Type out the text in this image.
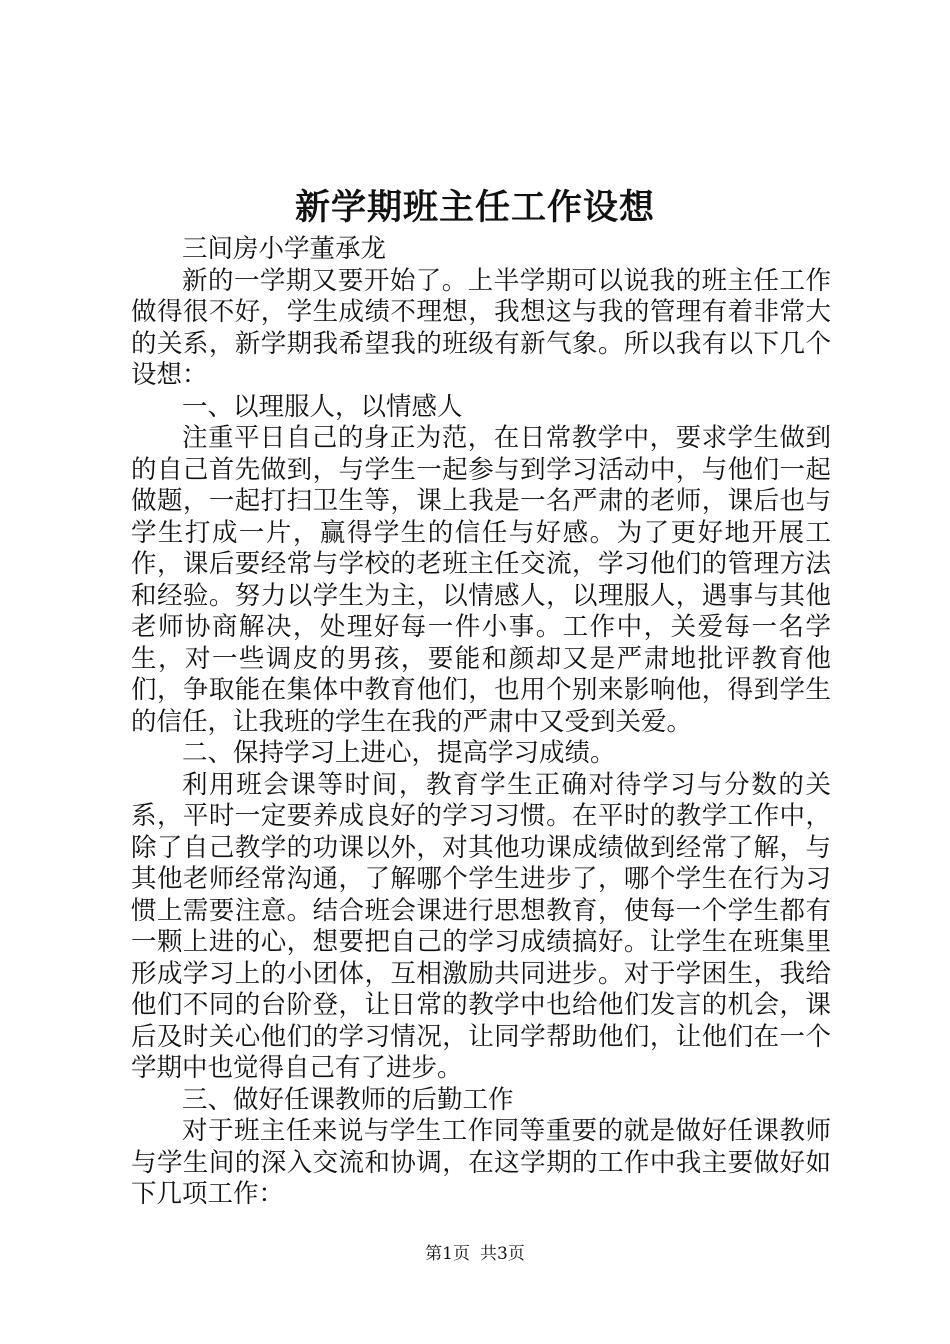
新学期班主任工作设想

三间房小学董承龙

新的一学期又要开始了。上半学期可以说我的班主任工作做得很不好，学生成绩不理想，我想这与我的管理有着非常大的关系，新学期我希望我的班级有新气象。所以我有以下几个设想：

一、以理服人，以情感人

注重平日自己的身正为范，在日常教学中，要求学生做到的自己首先做到，与学生一起参与到学习活动中，与他们一起做题，一起打扫卫生等，课上我是一名严肃的老师，课后也与学生打成一片，赢得学生的信任与好感。为了更好地开展工作，课后要经常与学校的老班主任交流，学习他们的管理方法和经验。努力以学生为主，以情感人，以理服人，遇事与其他老师协商解决，处理好每一件小事。工作中，关爱每一名学生，对一些调皮的男孩，要能和颜却又是严肃地批评教育他们，争取能在集体中教育他们，也用个别来影响他，得到学生的信任，让我班的学生在我的严肃中又受到关爱。

二、保持学习上进心，提高学习成绩。

利用班会课等时间，教育学生正确对待学习与分数的关系，平时一定要养成良好的学习习惯。在平时的教学工作中，除了自己教学的功课以外，对其他功课成绩做到经常了解，与其他老师经常沟通，了解哪个学生进步了，哪个学生在行为习惯上需要注意。结合班会课进行思想教育，使每一个学生都有一颗上进的心，想要把自己的学习成绩搞好。让学生在班集里形成学习上的小团体，互相激励共同进步。对于学困生，我给他们不同的台阶登，让日常的教学中也给他们发言的机会，课后及时关心他们的学习情况，让同学帮助他们，让他们在一个学期中也觉得自己有了进步。

三、做好任课教师的后勤工作

对于班主任来说与学生工作同等重要的就是做好任课教师与学生间的深入交流和协调，在这学期的工作中我主要做好如下几项工作：

第1页 共3页
